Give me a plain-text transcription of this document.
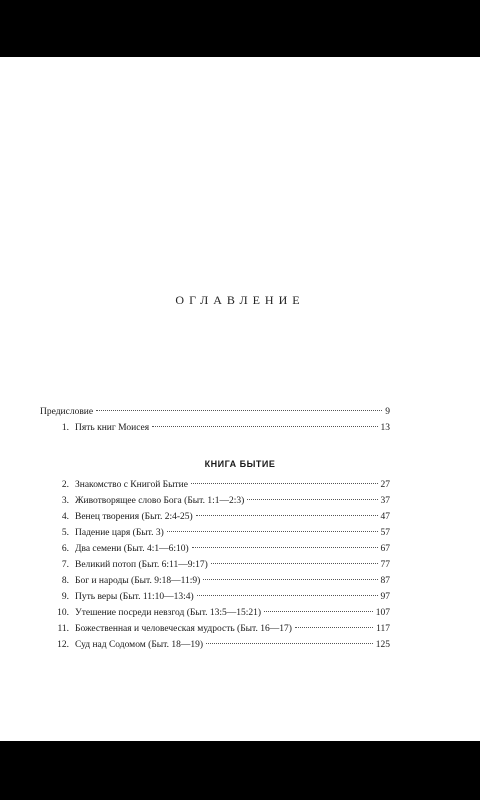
ОГЛАВЛЕНИЕ
Предисловие	9
1. Пять книг Моисея	13
КНИГА БЫТИЕ
2. Знакомство с Книгой Бытие	27
3. Животворящее слово Бога (Быт. 1:1—2:3)	37
4. Венец творения (Быт. 2:4-25)	47
5. Падение царя (Быт. 3)	57
6. Два семени (Быт. 4:1—6:10)	67
7. Великий потоп (Быт. 6:11—9:17)	77
8. Бог и народы (Быт. 9:18—11:9)	87
9. Путь веры (Быт. 11:10—13:4)	97
10. Утешение посреди невзгод (Быт. 13:5—15:21)	107
11. Божественная и человеческая мудрость (Быт. 16—17)	117
12. Суд над Содомом (Быт. 18—19)	125
